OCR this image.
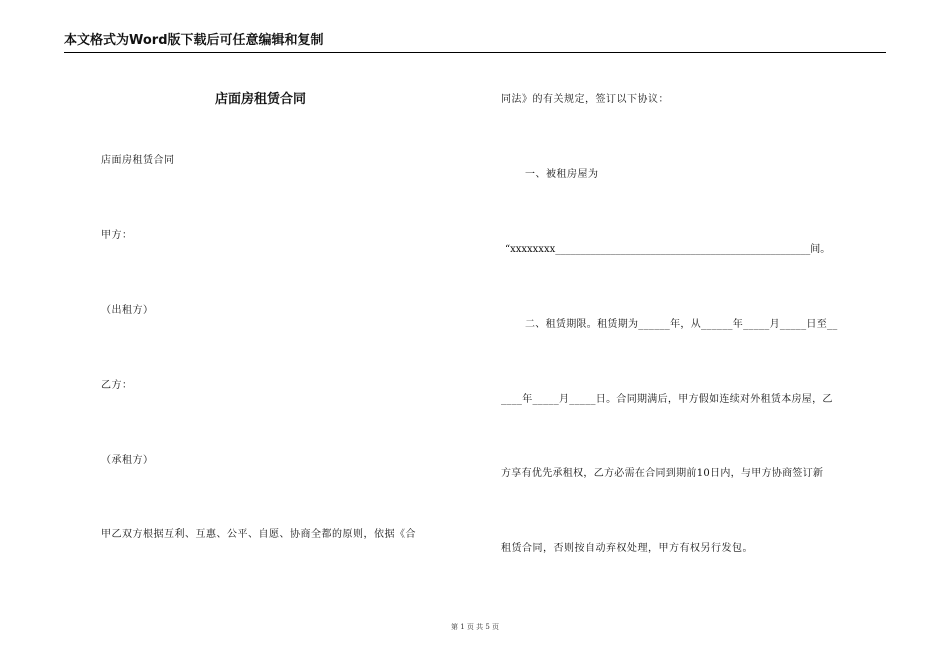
本文格式为Word版下载后可任意编辑和复制
店面房租赁合同
店面房租赁合同
甲方：
（出租方）
乙方：
（承租方）
甲乙双方根据互利、互惠、公平、自愿、协商全都的原则，依据《合
同法》的有关规定，签订以下协议：
一、被租房屋为
“xxxxxxxx___________________________________________________间。
二、租赁期限。租赁期为______年，从______年_____月_____日至__
____年_____月_____日。合同期满后，甲方假如连续对外租赁本房屋，乙
方享有优先承租权，乙方必需在合同到期前10日内，与甲方协商签订新
租赁合同，否则按自动弃权处理，甲方有权另行发包。
第 1 页 共 5 页
